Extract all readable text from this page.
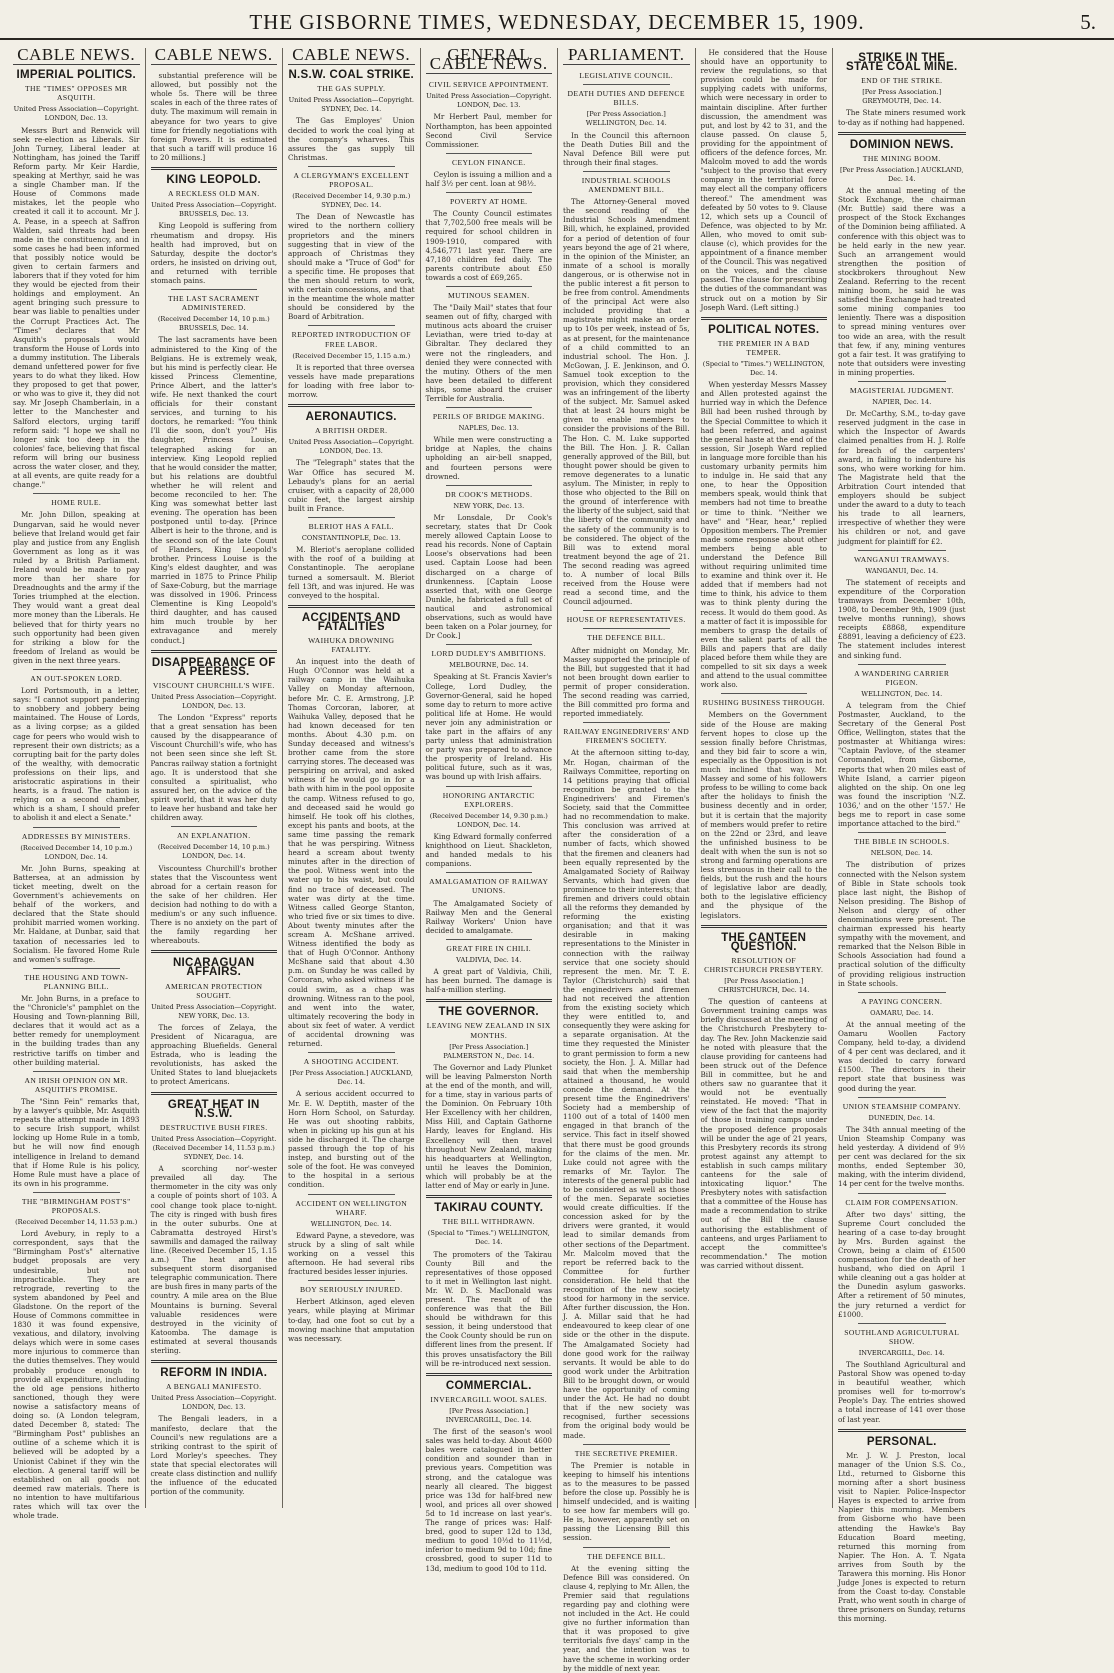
THE GISBORNE TIMES, WEDNESDAY, DECEMBER 15, 1909.	5.
CABLE NEWS.
IMPERIAL POLITICS.
THE "TIMES" OPPOSES MR ASQUITH.
United Press Association—Copyright. LONDON, Dec. 13.

Messrs Burt and Renwick will seek re-election as Liberals. Sir John Turney, Liberal leader at Nottingham, has joined the Tariff Reform party. Mr Keir Hardie, speaking at Merthyr, said he was a single Chamber man. If the House of Commons made mistakes, let the people who created it call it to account. Mr J. A. Pease, in a speech at Saffron Walden, said threats had been made in the constituency, and in some cases he had been informed that possibly notice would be given to certain farmers and laborers that if they voted for him they would be ejected from their holdings and employment. An agent bringing such pressure to bear was liable to penalties under the Corrupt Practices Act. The "Times" declares that Mr Asquith's proposals would transform the House of Lords into a dummy institution. The Liberals demand unfettered power for five years to do what they liked. How they proposed to get that power, or who was to give it, they did not say. Mr Joseph Chamberlain, in a letter to the Manchester and Salford electors, urging tariff reform said: "I hope we shall no longer sink too deep in the colonies' face, believing that fiscal reform will bring our business across the water closer, and they, at all events, are quite ready for a change."

HOME RULE.

Mr. John Dillon, speaking at Dungarvan, said he would never believe that Ireland would get fair play and justice from any English Government as long as it was ruled by a British Parliament. Ireland would be made to pay more than her share for Dreadnoughts and the army if the Tories triumphed at the election. They would want a great deal more money than the Liberals. He believed that for thirty years no such opportunity had been given for striking a blow for the freedom of Ireland as would be given in the next three years.

AN OUT-SPOKEN LORD.

Lord Portsmouth, in a letter, says: "I cannot support pandering to snobbery and jobbery being maintained. The House of Lords, as a living corpse; as a gilded cage for peers who would wish to represent their own districts; as a corrupting bait for the party doles of the wealthy, with democratic professions on their lips, and aristocratic aspirations in their hearts, is a fraud. The nation is relying on a second chamber, which is a sham, I should prefer to abolish it and elect a Senate."

ADDRESSES BY MINISTERS.
(Received December 14, 10 p.m.) LONDON, Dec. 14.

Mr. John Burns, speaking at Battersea, at an admission by ticket meeting, dwelt on the Government's achievements on behalf of the workers, and declared that the State should prohibit married women working. Mr. Haldane, at Dunbar, said that taxation of necessaries led to Socialism. He favored Home Rule and women's suffrage.

THE HOUSING AND TOWN-PLANNING BILL.

Mr. John Burns, in a preface to the "Chronicle's" pamphlet on the Housing and Town-planning Bill, declares that it would act as a better remedy for unemployment in the building trades than any restrictive tariffs on timber and other building material.

AN IRISH OPINION ON MR. ASQUITH'S PROMISE.

The "Sinn Fein" remarks that, by a lawyer's quibble, Mr. Asquith repeats the attempt made in 1893 to secure Irish support, whilst locking up Home Rule in a tomb, but he will now find enough intelligence in Ireland to demand that if Home Rule is his policy, Home Rule must have a place of its own in his programme.

THE "BIRMINGHAM POST'S" PROPOSALS.
(Received December 14, 11.53 p.m.)

Lord Avebury, in reply to a correspondent, says that the "Birmingham Post's" alternative budget proposals are very undesirable, but not impracticable. They are retrograde, reverting to the system abandoned by Peel and Gladstone. On the report of the House of Commons committee in 1830 it was found expensive, vexatious, and dilatory, involving delays which were in some cases more injurious to commerce than the duties themselves. They would probably produce enough to provide all expenditure, including the old age pensions hitherto sanctioned, though they were nowise a satisfactory means of doing so. (A London telegram, dated December 8, stated: The "Birmingham Post" publishes an outline of a scheme which it is believed will be adopted by a Unionist Cabinet if they win the election. A general tariff will be established on all goods not deemed raw materials. There is no intention to have multifarious rates which will tax over the whole trade.

CABLE NEWS.

substantial preference will be allowed, but possibly not the whole 5s. There will be three scales in each of the three rates of duty. The maximum will remain in abeyance for two years to give time for friendly negotiations with foreign Powers. It is estimated that such a tariff will produce 16 to 20 millions.]

KING LEOPOLD.
A RECKLESS OLD MAN.
United Press Association—Copyright. BRUSSELS, Dec. 13.

King Leopold is suffering from rheumatism and dropsy. His health had improved, but on Saturday, despite the doctor's orders, he insisted on driving out, and returned with terrible stomach pains.

THE LAST SACRAMENT ADMINISTERED.
(Received December 14, 10 p.m.) BRUSSELS, Dec. 14.

The last sacraments have been administered to the King of the Belgians. He is extremely weak, but his mind is perfectly clear. He kissed Princess Clementine, Prince Albert, and the latter's wife. He next thanked the court officials for their constant services, and turning to his doctors, he remarked: "You think I'll die soon, don't you?" His daughter, Princess Louise, telegraphed asking for an interview. King Leopold replied that he would consider the matter, but his relations are doubtful whether he will relent and become reconciled to her. The King was somewhat better last evening. The operation has been postponed until to-day. [Prince Albert is heir to the throne, and is the second son of the late Count of Flanders, King Leopold's brother. Princess Louise is the King's eldest daughter, and was married in 1875 to Prince Philip of Saxe-Coburg, but the marriage was dissolved in 1906. Princess Clementine is King Leopold's third daughter, and has caused him much trouble by her extravagance and merely conduct.]

DISAPPEARANCE OF A PEERESS.
VISCOUNT CHURCHILL'S WIFE.
United Press Association—Copyright. LONDON, Dec. 13.

The London "Express" reports that a great sensation has been caused by the disappearance of Viscount Churchill's wife, who has not been seen since she left St. Pancras railway station a fortnight ago. It is understood that she consulted a spiritualist, who assured her, on the advice of the spirit world, that it was her duty to leave her husband and take her children away.

AN EXPLANATION.
(Received December 14, 10 p.m.) LONDON, Dec. 14.

Viscountess Churchill's brother states that the Viscountess went abroad for a certain reason for the sake of her children. Her decision had nothing to do with a medium's or any such influence. There is no anxiety on the part of the family regarding her whereabouts.

NICARAGUAN AFFAIRS.
AMERICAN PROTECTION SOUGHT.
United Press Association—Copyright. NEW YORK, Dec. 13.

The forces of Zelaya, the President of Nicaragua, are approaching Bluefields. General Estrada, who is leading the revolutionists, has asked the United States to land bluejackets to protect Americans.

GREAT HEAT IN N.S.W.
DESTRUCTIVE BUSH FIRES.
United Press Association—Copyright. (Received December 14, 11.53 p.m.) SYDNEY, Dec. 14.

A scorching nor'-wester prevailed all day. The thermometer in the city was only a couple of points short of 103. A cool change took place to-night. The city is ringed with bush fires in the outer suburbs. One at Cabramatta destroyed Hirst's sawmills and damaged the railway line. (Received December 15, 1.15 a.m.) The heat and the subsequent storm disorganised telegraphic communication. There are bush fires in many parts of the country. A mile area on the Blue Mountains is burning. Several valuable residences were destroyed in the vicinity of Katoomba. The damage is estimated at several thousands sterling.

REFORM IN INDIA.
A BENGALI MANIFESTO.
United Press Association—Copyright. LONDON, Dec. 13.

The Bengali leaders, in a manifesto, declare that the Council's new regulations are a striking contrast to the spirit of Lord Morley's speeches. They state that special electorates will create class distinction and nullify the influence of the educated portion of the community.

CABLE NEWS.
N.S.W. COAL STRIKE.
THE GAS SUPPLY.
United Press Association—Copyright. SYDNEY, Dec. 14.

The Gas Employes' Union decided to work the coal lying at the company's wharves. This assures the gas supply till Christmas.

A CLERGYMAN'S EXCELLENT PROPOSAL.
(Received December 14, 9.30 p.m.) SYDNEY, Dec. 14.

The Dean of Newcastle has wired to the northern colliery proprietors and the miners suggesting that in view of the approach of Christmas they should make a "Truce of God" for a specific time. He proposes that the men should return to work, with certain concessions, and that in the meantime the whole matter should be considered by the Board of Arbitration.

REPORTED INTRODUCTION OF FREE LABOR.
(Received December 15, 1.15 a.m.)

It is reported that three oversea vessels have made preparations for loading with free labor to-morrow.

AERONAUTICS.
A BRITISH ORDER.
United Press Association—Copyright. LONDON, Dec. 13.

The "Telegraph" states that the War Office has secured M. Lebaudy's plans for an aerial cruiser, with a capacity of 28,000 cubic feet, the largest airship built in France.

BLERIOT HAS A FALL.
CONSTANTINOPLE, Dec. 13.

M. Bleriot's aeroplane collided with the roof of a building at Constantinople. The aeroplane turned a somersault. M. Bleriot fell 13ft, and was injured. He was conveyed to the hospital.

ACCIDENTS AND FATALITIES
WAIHUKA DROWNING FATALITY.

An inquest into the death of Hugh O'Connor was held at a railway camp in the Waihuka Valley on Monday afternoon, before Mr. C. E. Armstrong, J.P. Thomas Corcoran, laborer, at Waihuka Valley, deposed that he had known deceased for ten months. About 4.30 p.m. on Sunday deceased and witness's brother came from the store carrying stores. The deceased was perspiring on arrival, and asked witness if he would go in for a bath with him in the pool opposite the camp. Witness refused to go, and deceased said he would go himself. He took off his clothes, except his pants and boots, at the same time passing the remark that he was perspiring. Witness heard a scream about twenty minutes after in the direction of the pool. Witness went into the water up to his waist, but could find no trace of deceased. The water was dirty at the time. Witness called George Stanton, who tried five or six times to dive. About twenty minutes after the scream A. McShane arrived. Witness identified the body as that of Hugh O'Connor. Anthony McShane said that about 4.30 p.m. on Sunday he was called by Corcoran, who asked witness if he could swim, as a chap was drowning. Witness ran to the pool, and went into the water, ultimately recovering the body in about six feet of water. A verdict of accidental drowning was returned.

A SHOOTING ACCIDENT.
[Per Press Association.] AUCKLAND, Dec. 14.

A serious accident occurred to Mr. E. W. Deptith, master of the Horn Horn School, on Saturday. He was out shooting rabbits, when in picking up his gun at his side he discharged it. The charge passed through the top of his instep, and bursting out of the sole of the foot. He was conveyed to the hospital in a serious condition.

ACCIDENT ON WELLINGTON WHARF.
WELLINGTON, Dec. 14.

Edward Payne, a stevedore, was struck by a sling of salt while working on a vessel this afternoon. He had several ribs fractured besides lesser injuries.

BOY SERIOUSLY INJURED.

Herbert Atkinson, aged eleven years, while playing at Mirimar to-day, had one foot so cut by a mowing machine that amputation was necessary.

GENERAL CABLE NEWS.
CIVIL SERVICE APPOINTMENT.
United Press Association—Copyright. LONDON, Dec. 13.

Mr Herbert Paul, member for Northampton, has been appointed Second Civil Service Commissioner.

CEYLON FINANCE.

Ceylon is issuing a million and a half 3½ per cent. loan at 98½.

POVERTY AT HOME.

The County Council estimates that 7,702,500 free meals will be required for school children in 1909-1910, compared with 4,546,771 last year. There are 47,180 children fed daily. The parents contribute about £50 towards a cost of £69,265.

MUTINOUS SEAMEN.

The "Daily Mail" states that four seamen out of fifty, charged with mutinous acts aboard the cruiser Leviathan, were tried to-day at Gibraltar. They declared they were not the ringleaders, and denied they were connected with the mutiny. Others of the men have been detailed to different ships, some aboard the cruiser Terrible for Australia.

PERILS OF BRIDGE MAKING.
NAPLES, Dec. 13.

While men were constructing a bridge at Naples, the chains upholding an air-bell snapped, and fourteen persons were drowned.

DR COOK'S METHODS.
NEW YORK, Dec. 13.

Mr Lonsdale, Dr Cook's secretary, states that Dr Cook merely allowed Captain Loose to read his records. None of Captain Loose's observations had been used. Captain Loose had been discharged on a charge of drunkenness. [Captain Loose asserted that, with one George Dunkle, he fabricated a full set of nautical and astronomical observations, such as would have been taken on a Polar journey, for Dr Cook.]

LORD DUDLEY'S AMBITIONS.
MELBOURNE, Dec. 14.

Speaking at St. Francis Xavier's College, Lord Dudley, the Governor-General, said he hoped some day to return to more active political life at Home. He would never join any administration or take part in the affairs of any party unless that administration or party was prepared to advance the prosperity of Ireland. His political future, such as it was, was bound up with Irish affairs.

HONORING ANTARCTIC EXPLORERS.
(Received December 14, 9.30 p.m.) LONDON, Dec. 14.

King Edward formally conferred knighthood on Lieut. Shackleton, and handed medals to his companions.

AMALGAMATION OF RAILWAY UNIONS.

The Amalgamated Society of Railway Men and the General Railway Workers' Union have decided to amalgamate.

GREAT FIRE IN CHILI.
VALDIVIA, Dec. 14.

A great part of Valdivia, Chili, has been burned. The damage is half-a-million sterling.

THE GOVERNOR.
LEAVING NEW ZEALAND IN SIX MONTHS.
[Per Press Association.] PALMERSTON N., Dec. 14.

The Governor and Lady Plunket will be leaving Palmerston North at the end of the month, and will, for a time, stay in various parts of the Dominion. On February 10th Her Excellency with her children, Miss Hill, and Captain Gathorne Hardy, leaves for England. His Excellency will then travel throughout New Zealand, making his headquarters at Wellington, until he leaves the Dominion, which will probably be at the latter end of May or early in June.

TAKIRAU COUNTY.
THE BILL WITHDRAWN.
(Special to "Times.") WELLINGTON, Dec. 14.

The promoters of the Takirau County Bill and the representatives of those opposed to it met in Wellington last night. Mr. W. D. S. MacDonald was present. The result of the conference was that the Bill should be withdrawn for this session, it being understood that the Cook County should be run on different lines from the present. If this proves unsatisfactory the Bill will be re-introduced next session.

COMMERCIAL.
INVERCARGILL WOOL SALES.
[Per Press Association.] INVERCARGILL, Dec. 14.

The first of the season's wool sales was held to-day. About 4600 bales were catalogued in better condition and sounder than in previous years. Competition was strong, and the catalogue was nearly all cleared. The biggest price was 13d for half-bred new wool, and prices all over showed 5d to 1d increase on last year's. The range of prices was: Half-bred, good to super 12d to 13d, medium to good 10½d to 11½d, inferior to medium 9d to 10d; fine crossbred, good to super 11d to 13d, medium to good 10d to 11d.

PARLIAMENT.
LEGISLATIVE COUNCIL.
DEATH DUTIES AND DEFENCE BILLS.
[Per Press Association.] WELLINGTON, Dec. 14.

In the Council this afternoon the Death Duties Bill and the Naval Defence Bill were put through their final stages.

INDUSTRIAL SCHOOLS AMENDMENT BILL.

The Attorney-General moved the second reading of the Industrial Schools Amendment Bill, which, he explained, provided for a period of detention of four years beyond the age of 21 where, in the opinion of the Minister, an inmate of a school is morally dangerous, or is otherwise not in the public interest a fit person to be free from control. Amendments of the principal Act were also included providing that a magistrate might make an order up to 10s per week, instead of 5s, as at present, for the maintenance of a child committed to an industrial school. The Hon. J. McGowan, J. E. Jenkinson, and O. Samuel took exception to the provision, which they considered was an infringement of the liberty of the subject. Mr. Samuel asked that at least 24 hours might be given to enable members to consider the provisions of the Bill. The Hon. C. M. Luke supported the Bill. The Hon. J. R. Callan generally approved of the Bill, but thought power should be given to remove degenerates to a lunatic asylum. The Minister, in reply to those who objected to the Bill on the ground of interference with the liberty of the subject, said that the liberty of the community and the safety of the community is to be considered. The object of the Bill was to extend moral treatment beyond the age of 21. The second reading was agreed to. A number of local Bills received from the House were read a second time, and the Council adjourned.

HOUSE OF REPRESENTATIVES.
THE DEFENCE BILL.

After midnight on Monday, Mr. Massey supported the principle of the Bill, but suggested that it had not been brought down earlier to permit of proper consideration. The second reading was carried, the Bill committed pro forma and reported immediately.

RAILWAY ENGINEDRIVERS' AND FIREMEN'S SOCIETY.

At the afternoon sitting to-day, Mr. Hogan, chairman of the Railways Committee, reporting on 14 petitions praying that official recognition be granted to the Enginedrivers' and Firemen's Society, said that the Committee had no recommendation to make. This conclusion was arrived at after the consideration of a number of facts, which showed that the firemen and cleaners had been equally represented by the Amalgamated Society of Railway Servants, which had given due prominence to their interests; that firemen and drivers could obtain all the reforms they demanded by reforming the existing organisation; and that it was desirable in making representations to the Minister in connection with the railway service that one society should represent the men. Mr. T. E. Taylor (Christchurch) said that the enginedrivers and firemen had not received the attention from the existing society which they were entitled to, and consequently they were asking for a separate organisation. At the time they requested the Minister to grant permission to form a new society, the Hon. J. A. Millar had said that when the membership attained a thousand, he would concede the demand. At the present time the Enginedrivers' Society had a membership of 1100 out of a total of 1400 men engaged in that branch of the service. This fact in itself showed that there must be good grounds for the claims of the men. Mr. Luke could not agree with the remarks of Mr. Taylor. The interests of the general public had to be considered as well as those of the men. Separate societies would create difficulties. If the concession asked for by the drivers were granted, it would lead to similar demands from other sections of the Department. Mr. Malcolm moved that the report be referred back to the Committee for further consideration. He held that the recognition of the new society stood for harmony in the service. After further discussion, the Hon. J. A. Millar said that he had endeavoured to keep clear of one side or the other in the dispute. The Amalgamated Society had done good work for the railway servants. It would be able to do good work under the Arbitration Bill to be brought down, or would have the opportunity of coming under the Act. He had no doubt that if the new society was recognised, further secessions from the original body would be made.

THE SECRETIVE PREMIER.

The Premier is notable in keeping to himself his intentions as to the measures to be passed before the close up. Possibly he is himself undecided, and is waiting to see how far members will go. He is, however, apparently set on passing the Licensing Bill this session.

THE DEFENCE BILL.

At the evening sitting the Defence Bill was considered. On clause 4, replying to Mr. Allen, the Premier said that regulations regarding pay and clothing were not included in the Act. He could give no further information than that it was proposed to give territorials five days' camp in the year, and the intention was to have the scheme in working order by the middle of next year.

He considered that the House should have an opportunity to review the regulations, so that provision could be made for supplying cadets with uniforms, which were necessary in order to maintain discipline. After further discussion, the amendment was put, and lost by 42 to 31, and the clause passed. On clause 5, providing for the appointment of officers of the defence forces, Mr. Malcolm moved to add the words "subject to the proviso that every company in the territorial force may elect all the company officers thereof." The amendment was defeated by 50 votes to 9. Clause 12, which sets up a Council of Defence, was objected to by Mr. Allen, who moved to omit sub-clause (c), which provides for the appointment of a finance member of the Council. This was negatived on the voices, and the clause passed. The clause for prescribing the duties of the commandant was struck out on a motion by Sir Joseph Ward. (Left sitting.)

POLITICAL NOTES.
THE PREMIER IN A BAD TEMPER.
(Special to "Times.") WELLINGTON, Dec. 14.

When yesterday Messrs Massey and Allen protested against the hurried way in which the Defence Bill had been rushed through by the Special Committee to which it had been referred, and against the general haste at the end of the session, Sir Joseph Ward replied in language more forcible than his customary urbanity permits him to indulge in. He said that any one, to hear the Opposition members speak, would think that members had not time to breathe or time to think. "Neither we have" and "Hear, hear," replied Opposition members. The Premier made some response about other members being able to understand the Defence Bill without requiring unlimited time to examine and think over it. He added that if members had not time to think, his advice to them was to think plenty during the recess. It would do them good. As a matter of fact it is impossible for members to grasp the details of even the salient parts of all the Bills and papers that are daily placed before them while they are compelled to sit six days a week and attend to the usual committee work also.

RUSHING BUSINESS THROUGH.

Members on the Government side of the House are making fervent hopes to close up the session finally before Christmas, and they bid fair to score a win, especially as the Opposition is not much inclined that way. Mr. Massey and some of his followers profess to be willing to come back after the holidays to finish the business decently and in order, but it is certain that the majority of members would prefer to retire on the 22nd or 23rd, and leave the unfinished business to be dealt with when the sun is not so strong and farming operations are less strenuous in their call to the fields, but the rush and the hours of legislative labor are deadly, both to the legislative efficiency and the physique of the legislators.

THE CANTEEN QUESTION.
RESOLUTION OF CHRISTCHURCH PRESBYTERY.
[Per Press Association.] CHRISTCHURCH, Dec. 14.

The question of canteens at Government training camps was briefly discussed at the meeting of the Christchurch Presbytery to-day. The Rev. John Mackenzie said he noted with pleasure that the clause providing for canteens had been struck out of the Defence Bill in committee, but he and others saw no guarantee that it would not be eventually reinstated. He moved: "That in view of the fact that the majority of those in training camps under the proposed defence proposals will be under the age of 21 years, this Presbytery records its strong protest against any attempt to establish in such camps military canteens for the sale of intoxicating liquor." The Presbytery notes with satisfaction that a committee of the House has made a recommendation to strike out of the Bill the clause authorising the establishment of canteens, and urges Parliament to accept the committee's recommendation." The motion was carried without dissent.

STRIKE IN THE STATE COAL MINE.
END OF THE STRIKE.
[Per Press Association.] GREYMOUTH, Dec. 14.

The State miners resumed work to-day as if nothing had happened.

DOMINION NEWS.
THE MINING BOOM.
[Per Press Association.] AUCKLAND, Dec. 14.

At the annual meeting of the Stock Exchange, the chairman (Mr. Buttle) said there was a prospect of the Stock Exchanges of the Dominion being affiliated. A conference with this object was to be held early in the new year. Such an arrangement would strengthen the position of stockbrokers throughout New Zealand. Referring to the recent mining boom, he said he was satisfied the Exchange had treated some mining companies too leniently. There was a disposition to spread mining ventures over too wide an area, with the result that few, if any, mining ventures got a fair test. It was gratifying to note that outsiders were investing in mining properties.

MAGISTERIAL JUDGMENT.
NAPIER, Dec. 14.

Dr. McCarthy, S.M., to-day gave reserved judgment in the case in which the Inspector of Awards claimed penalties from H. J. Rolfe for breach of the carpenters' award, in failing to indenture his sons, who were working for him. The Magistrate held that the Arbitration Court intended that employers should be subject under the award to a duty to teach his trade to all learners, irrespective of whether they were his children or not, and gave judgment for plaintiff for £2.

WANGANUI TRAMWAYS.
WANGANUI, Dec. 14.

The statement of receipts and expenditure of the Corporation tramways from December 10th, 1908, to December 9th, 1909 (just twelve months running), shows receipts £8868, expenditure £8891, leaving a deficiency of £23. The statement includes interest and sinking fund.

A WANDERING CARRIER PIGEON.
WELLINGTON, Dec. 14.

A telegram from the Chief Postmaster, Auckland, to the Secretary of the General Post Office, Wellington, states that the postmaster at Whitianga wires: "Captain Pavlove, of the steamer Coromandel, from Gisborne, reports that when 20 miles east of White Island, a carrier pigeon alighted on the ship. On one leg was found the inscription 'N.Z. 1036,' and on the other '157.' He begs me to report in case some importance attached to the bird."

THE BIBLE IN SCHOOLS.
NELSON, Dec. 14.

The distribution of prizes connected with the Nelson system of Bible in State schools took place last night, the Bishop of Nelson presiding. The Bishop of Nelson and clergy of other denominations were present. The chairman expressed his hearty sympathy with the movement, and remarked that the Nelson Bible in Schools Association had found a practical solution of the difficulty of providing religious instruction in State schools.

A PAYING CONCERN.
OAMARU, Dec. 14.

At the annual meeting of the Oamaru Woollen Factory Company, held to-day, a dividend of 4 per cent was declared, and it was decided to carry forward £1500. The directors in their report state that business was good during the year.

UNION STEAMSHIP COMPANY.
DUNEDIN, Dec. 14.

The 34th annual meeting of the Union Steamship Company was held yesterday. A dividend of 9½ per cent was declared for the six months, ended September 30, making, with the interim dividend, 14 per cent for the twelve months.

CLAIM FOR COMPENSATION.

After two days' sitting, the Supreme Court concluded the hearing of a case to-day brought by Mrs. Burden against the Crown, being a claim of £1500 compensation for the death of her husband, who died on April 1 while cleaning out a gas holder at the Dunedin asylum gasworks. After a retirement of 50 minutes, the jury returned a verdict for £1000.

SOUTHLAND AGRICULTURAL SHOW.
INVERCARGILL, Dec. 14.

The Southland Agricultural and Pastoral Show was opened to-day in beautiful weather, which promises well for to-morrow's People's Day. The entries showed a total increase of 141 over those of last year.

PERSONAL.

Mr. J. W. J. Preston, local manager of the Union S.S. Co., Ltd., returned to Gisborne this morning after a short business visit to Napier. Police-Inspector Hayes is expected to arrive from Napier this morning. Members from Gisborne who have been attending the Hawke's Bay Education Board meeting, returned this morning from Napier. The Hon. A. T. Ngata arrives from South by the Tarawera this morning. His Honor Judge Jones is expected to return from the Coast to-day. Constable Pratt, who went south in charge of three prisoners on Sunday, returns this morning.
